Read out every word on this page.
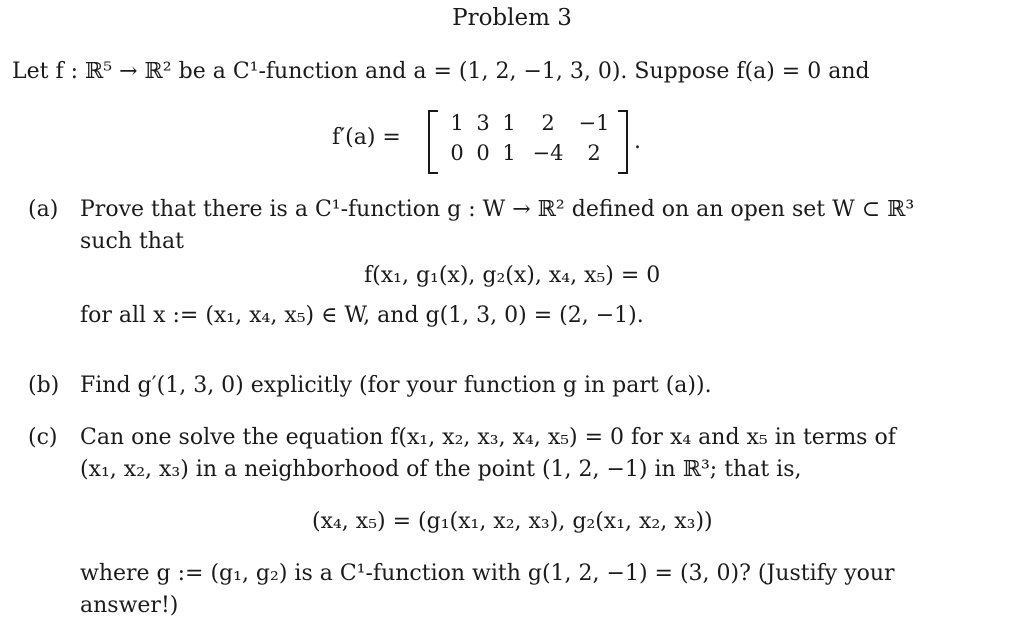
Problem 3
Let f : ℝ⁵ → ℝ² be a C¹-function and a = (1, 2, −1, 3, 0). Suppose f(a) = 0 and
f′(a) =
1 3 1	2	−1
0 0 1 −4	2	.
(a) Prove that there is a C¹-function g : W → ℝ² defined on an open set W ⊂ ℝ³
such that
f(x₁, g₁(x), g₂(x), x₄, x₅) = 0
for all x := (x₁, x₄, x₅) ∈ W, and g(1, 3, 0) = (2, −1).
(b) Find g′(1, 3, 0) explicitly (for your function g in part (a)).
(c) Can one solve the equation f(x₁, x₂, x₃, x₄, x₅) = 0 for x₄ and x₅ in terms of
(x₁, x₂, x₃) in a neighborhood of the point (1, 2, −1) in ℝ³; that is,
(x₄, x₅) = (g₁(x₁, x₂, x₃), g₂(x₁, x₂, x₃))
where g := (g₁, g₂) is a C¹-function with g(1, 2, −1) = (3, 0)? (Justify your
answer!)
